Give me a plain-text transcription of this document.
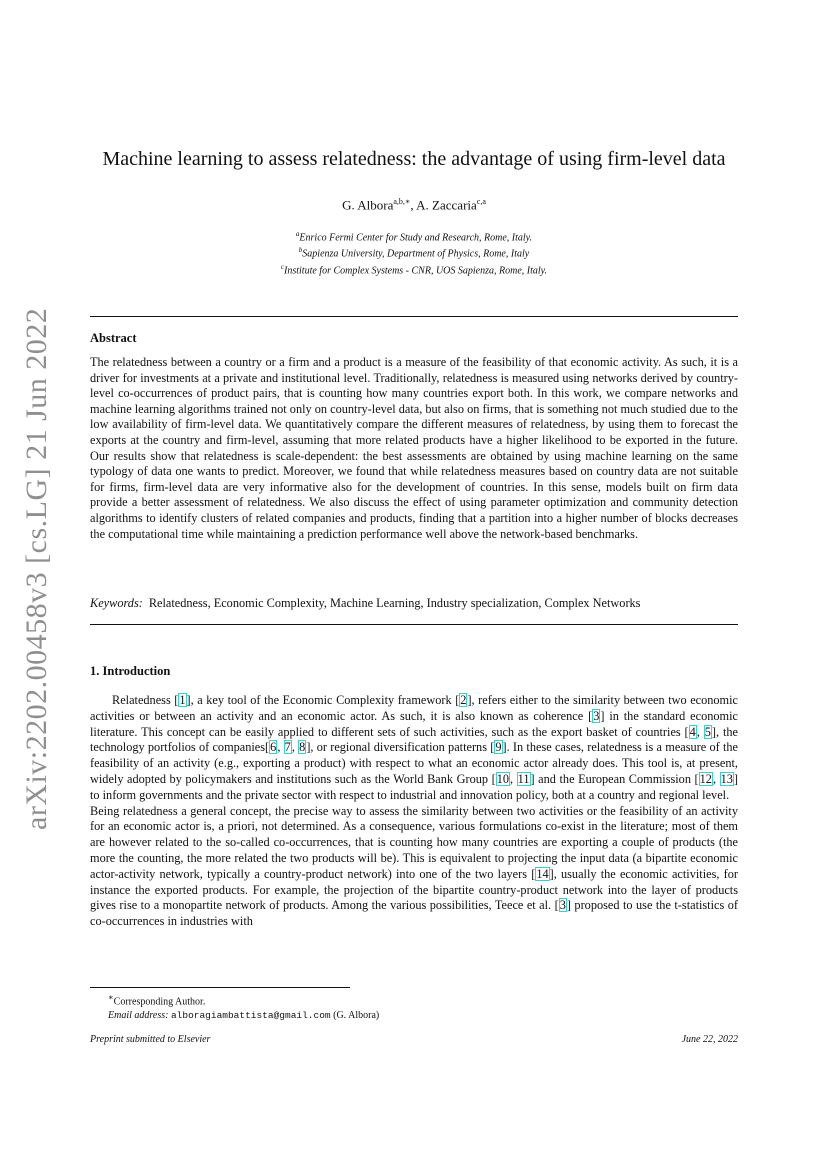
arXiv:2202.00458v3 [cs.LG] 21 Jun 2022
Machine learning to assess relatedness: the advantage of using firm-level data
G. Albora$^{a,b,∗}$, A. Zaccaria$^{c,a}$
$^a$Enrico Fermi Center for Study and Research, Rome, Italy.
$^b$Sapienza University, Department of Physics, Rome, Italy
$^c$Institute for Complex Systems - CNR, UOS Sapienza, Rome, Italy.
Abstract
The relatedness between a country or a firm and a product is a measure of the feasibility of that economic activity. As such, it is a driver for investments at a private and institutional level. Traditionally, relatedness is measured using networks derived by country-level co-occurrences of product pairs, that is counting how many countries export both. In this work, we compare networks and machine learning algorithms trained not only on country-level data, but also on firms, that is something not much studied due to the low availability of firm-level data. We quantitatively compare the different measures of relatedness, by using them to forecast the exports at the country and firm-level, assuming that more related products have a higher likelihood to be exported in the future. Our results show that relatedness is scale-dependent: the best assessments are obtained by using machine learning on the same typology of data one wants to predict. Moreover, we found that while relatedness measures based on country data are not suitable for firms, firm-level data are very informative also for the development of countries. In this sense, models built on firm data provide a better assessment of relatedness. We also discuss the effect of using parameter optimization and community detection algorithms to identify clusters of related companies and products, finding that a partition into a higher number of blocks decreases the computational time while maintaining a prediction performance well above the network-based benchmarks.
Keywords: Relatedness, Economic Complexity, Machine Learning, Industry specialization, Complex Networks
1. Introduction

Relatedness [1], a key tool of the Economic Complexity framework [2], refers either to the similarity between two economic activities or between an activity and an economic actor. As such, it is also known as coherence [3] in the standard economic literature. This concept can be easily applied to different sets of such activities, such as the export basket of countries [4, 5], the technology portfolios of companies[6, 7, 8], or regional diversification patterns [9]. In these cases, relatedness is a measure of the feasibility of an activity (e.g., exporting a product) with respect to what an economic actor already does. This tool is, at present, widely adopted by policymakers and institutions such as the World Bank Group [10, 11] and the European Commission [12, 13] to inform governments and the private sector with respect to industrial and innovation policy, both at a country and regional level.

Being relatedness a general concept, the precise way to assess the similarity between two activities or the feasibility of an activity for an economic actor is, a priori, not determined. As a consequence, various formulations co-exist in the literature; most of them are however related to the so-called co-occurrences, that is counting how many countries are exporting a couple of products (the more the counting, the more related the two products will be). This is equivalent to projecting the input data (a bipartite economic actor-activity network, typically a country-product network) into one of the two layers [14], usually the economic activities, for instance the exported products. For example, the projection of the bipartite country-product network into the layer of products gives rise to a monopartite network of products. Among the various possibilities, Teece et al. [3] proposed to use the t-statistics of co-occurrences in industries with

∗Corresponding Author.
Email address: alboragiambattista@gmail.com (G. Albora)
Preprint submitted to Elsevier	June 22, 2022
